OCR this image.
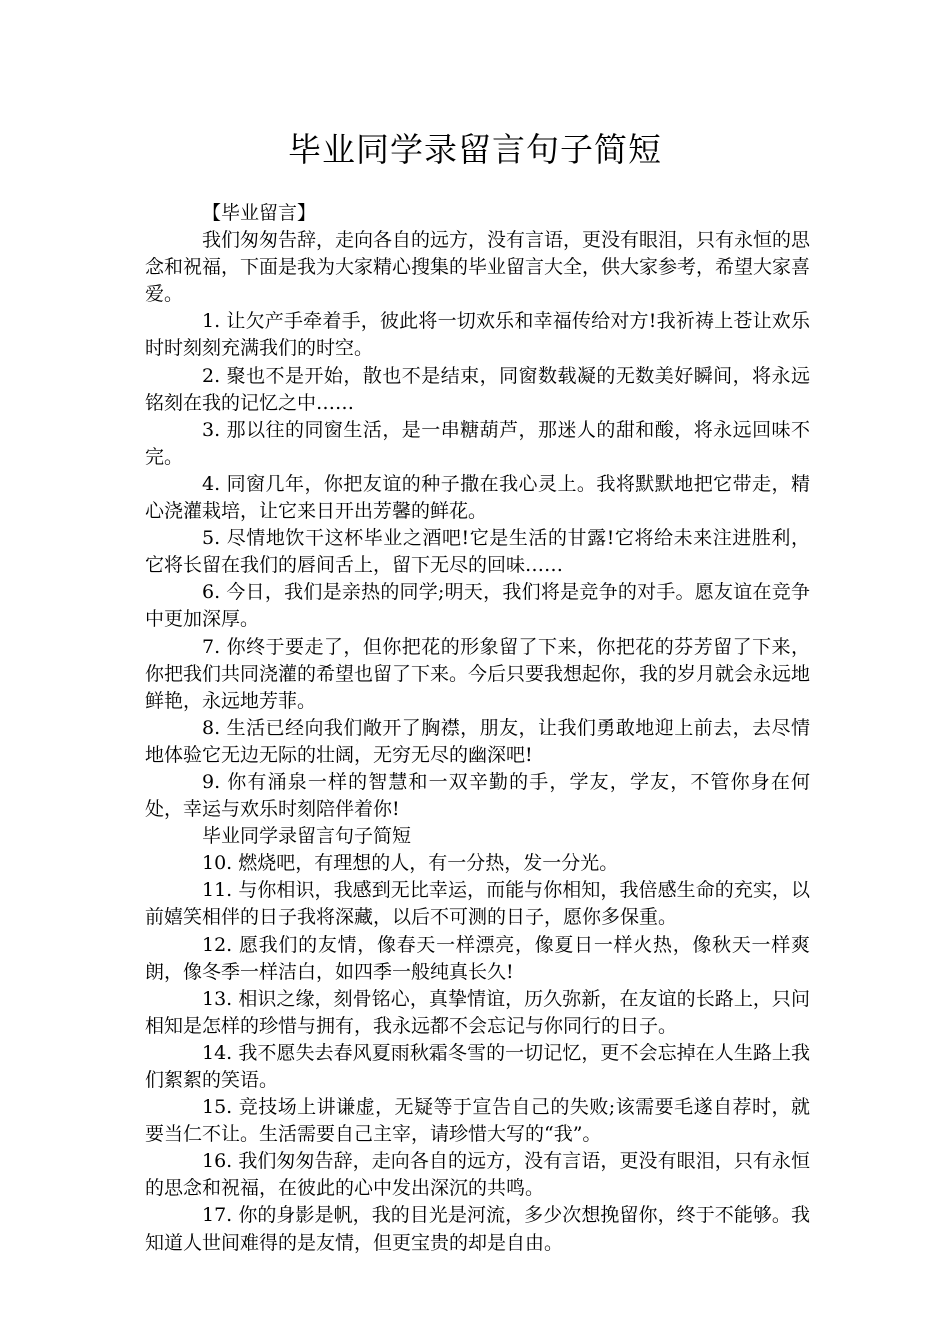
毕业同学录留言句子简短

【毕业留言】

我们匆匆告辞，走向各自的远方，没有言语，更没有眼泪，只有永恒的思念和祝福，下面是我为大家精心搜集的毕业留言大全，供大家参考，希望大家喜爱。

1. 让欠产手牵着手，彼此将一切欢乐和幸福传给对方!我祈祷上苍让欢乐时时刻刻充满我们的时空。

2. 聚也不是开始，散也不是结束，同窗数载凝的无数美好瞬间，将永远铭刻在我的记忆之中……

3. 那以往的同窗生活，是一串糖葫芦，那迷人的甜和酸，将永远回味不完。

4. 同窗几年，你把友谊的种子撒在我心灵上。我将默默地把它带走，精心浇灌栽培，让它来日开出芳馨的鲜花。

5. 尽情地饮干这杯毕业之酒吧!它是生活的甘露!它将给未来注进胜利，它将长留在我们的唇间舌上，留下无尽的回味……

6. 今日，我们是亲热的同学;明天，我们将是竞争的对手。愿友谊在竞争中更加深厚。

7. 你终于要走了，但你把花的形象留了下来，你把花的芬芳留了下来，你把我们共同浇灌的希望也留了下来。今后只要我想起你，我的岁月就会永远地鲜艳，永远地芳菲。

8. 生活已经向我们敞开了胸襟，朋友，让我们勇敢地迎上前去，去尽情地体验它无边无际的壮阔，无穷无尽的幽深吧!

9. 你有涌泉一样的智慧和一双辛勤的手，学友，学友，不管你身在何处，幸运与欢乐时刻陪伴着你!

毕业同学录留言句子简短

10. 燃烧吧，有理想的人，有一分热，发一分光。

11. 与你相识，我感到无比幸运，而能与你相知，我倍感生命的充实，以前嬉笑相伴的日子我将深藏，以后不可测的日子，愿你多保重。

12. 愿我们的友情，像春天一样漂亮，像夏日一样火热，像秋天一样爽朗，像冬季一样洁白，如四季一般纯真长久!

13. 相识之缘，刻骨铭心，真挚情谊，历久弥新，在友谊的长路上，只问相知是怎样的珍惜与拥有，我永远都不会忘记与你同行的日子。

14. 我不愿失去春风夏雨秋霜冬雪的一切记忆，更不会忘掉在人生路上我们絮絮的笑语。

15. 竞技场上讲谦虚，无疑等于宣告自己的失败;该需要毛遂自荐时，就要当仁不让。生活需要自己主宰，请珍惜大写的“我”。

16. 我们匆匆告辞，走向各自的远方，没有言语，更没有眼泪，只有永恒的思念和祝福，在彼此的心中发出深沉的共鸣。

17. 你的身影是帆，我的目光是河流，多少次想挽留你，终于不能够。我知道人世间难得的是友情，但更宝贵的却是自由。
